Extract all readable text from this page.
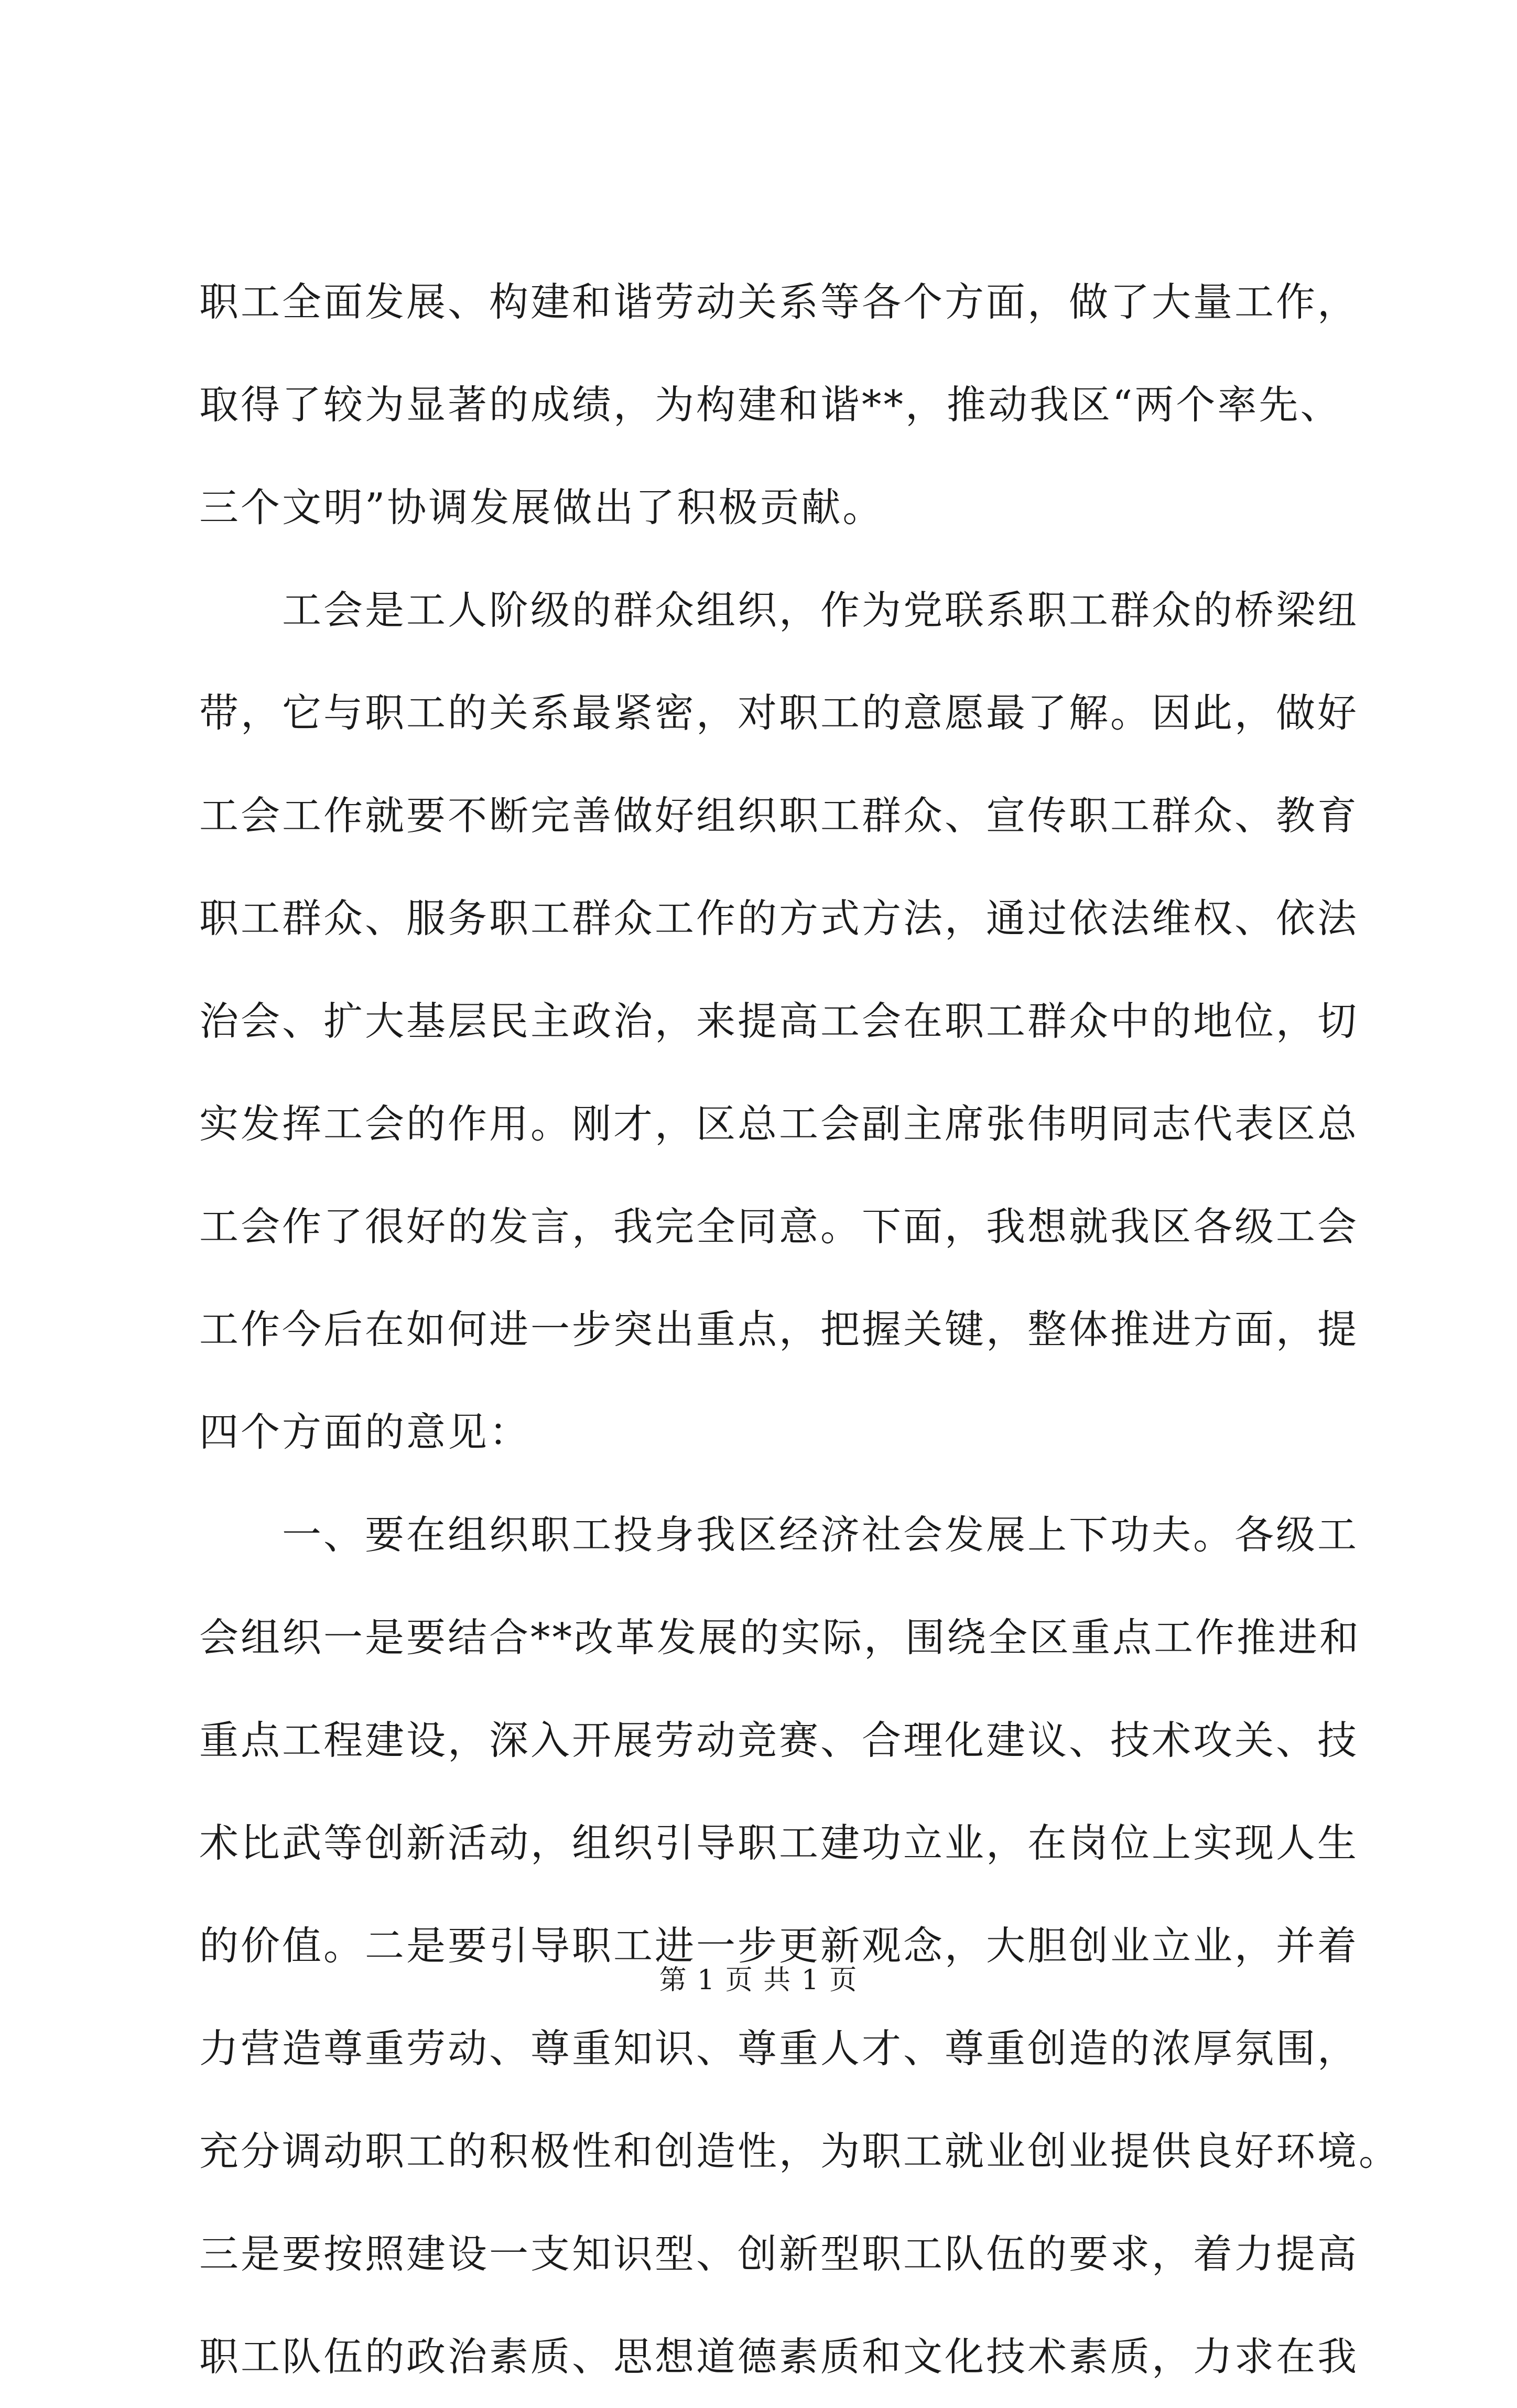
职工全面发展、构建和谐劳动关系等各个方面，做了大量工作，
取得了较为显著的成绩，为构建和谐**，推动我区“两个率先、
三个文明”协调发展做出了积极贡献。
　　工会是工人阶级的群众组织，作为党联系职工群众的桥梁纽
带，它与职工的关系最紧密，对职工的意愿最了解。因此，做好
工会工作就要不断完善做好组织职工群众、宣传职工群众、教育
职工群众、服务职工群众工作的方式方法，通过依法维权、依法
治会、扩大基层民主政治，来提高工会在职工群众中的地位，切
实发挥工会的作用。刚才，区总工会副主席张伟明同志代表区总
工会作了很好的发言，我完全同意。下面，我想就我区各级工会
工作今后在如何进一步突出重点，把握关键，整体推进方面，提
四个方面的意见：
　　一、要在组织职工投身我区经济社会发展上下功夫。各级工
会组织一是要结合**改革发展的实际，围绕全区重点工作推进和
重点工程建设，深入开展劳动竞赛、合理化建议、技术攻关、技
术比武等创新活动，组织引导职工建功立业，在岗位上实现人生
的价值。二是要引导职工进一步更新观念，大胆创业立业，并着
力营造尊重劳动、尊重知识、尊重人才、尊重创造的浓厚氛围，
充分调动职工的积极性和创造性，为职工就业创业提供良好环境。
三是要按照建设一支知识型、创新型职工队伍的要求，着力提高
职工队伍的政治素质、思想道德素质和文化技术素质，力求在我
第 1 页 共 1 页
